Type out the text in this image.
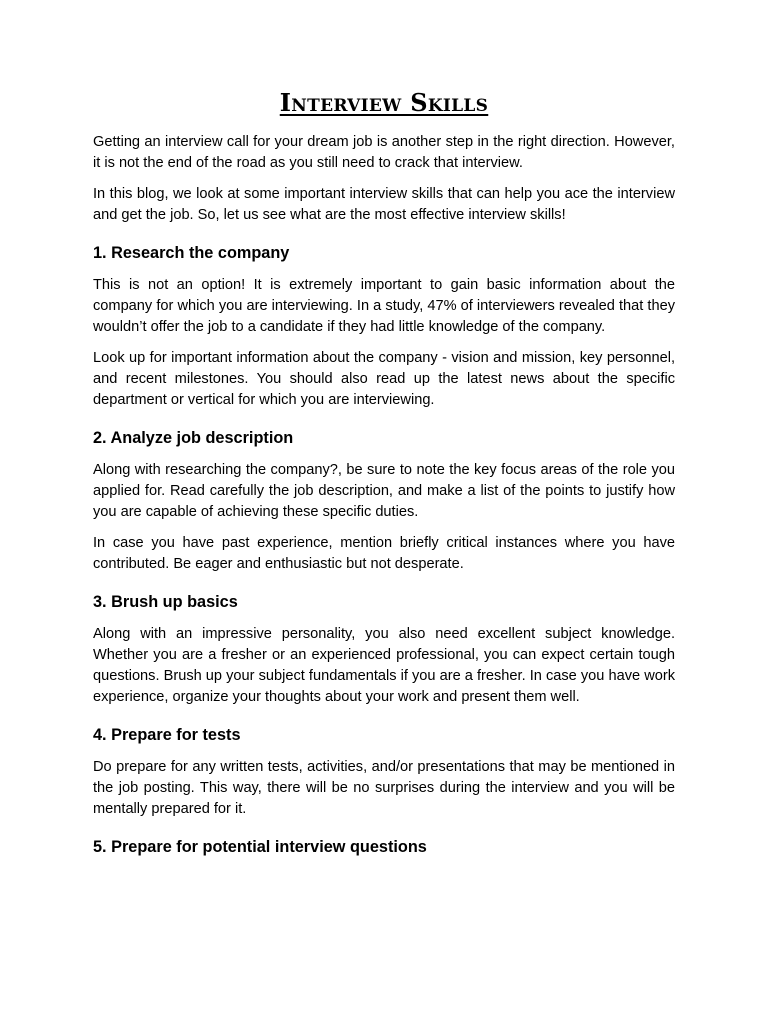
Interview Skills

Getting an interview call for your dream job is another step in the right direction. However, it is not the end of the road as you still need to crack that interview.

In this blog, we look at some important interview skills that can help you ace the interview and get the job. So, let us see what are the most effective interview skills!

1. Research the company

This is not an option! It is extremely important to gain basic information about the company for which you are interviewing. In a study, 47% of interviewers revealed that they wouldn’t offer the job to a candidate if they had little knowledge of the company.

Look up for important information about the company - vision and mission, key personnel, and recent milestones. You should also read up the latest news about the specific department or vertical for which you are interviewing.

2. Analyze job description

Along with researching the company?, be sure to note the key focus areas of the role you applied for. Read carefully the job description, and make a list of the points to justify how you are capable of achieving these specific duties.

In case you have past experience, mention briefly critical instances where you have contributed. Be eager and enthusiastic but not desperate.

3. Brush up basics

Along with an impressive personality, you also need excellent subject knowledge. Whether you are a fresher or an experienced professional, you can expect certain tough questions. Brush up your subject fundamentals if you are a fresher. In case you have work experience, organize your thoughts about your work and present them well.

4. Prepare for tests

Do prepare for any written tests, activities, and/or presentations that may be mentioned in the job posting. This way, there will be no surprises during the interview and you will be mentally prepared for it.

5. Prepare for potential interview questions
